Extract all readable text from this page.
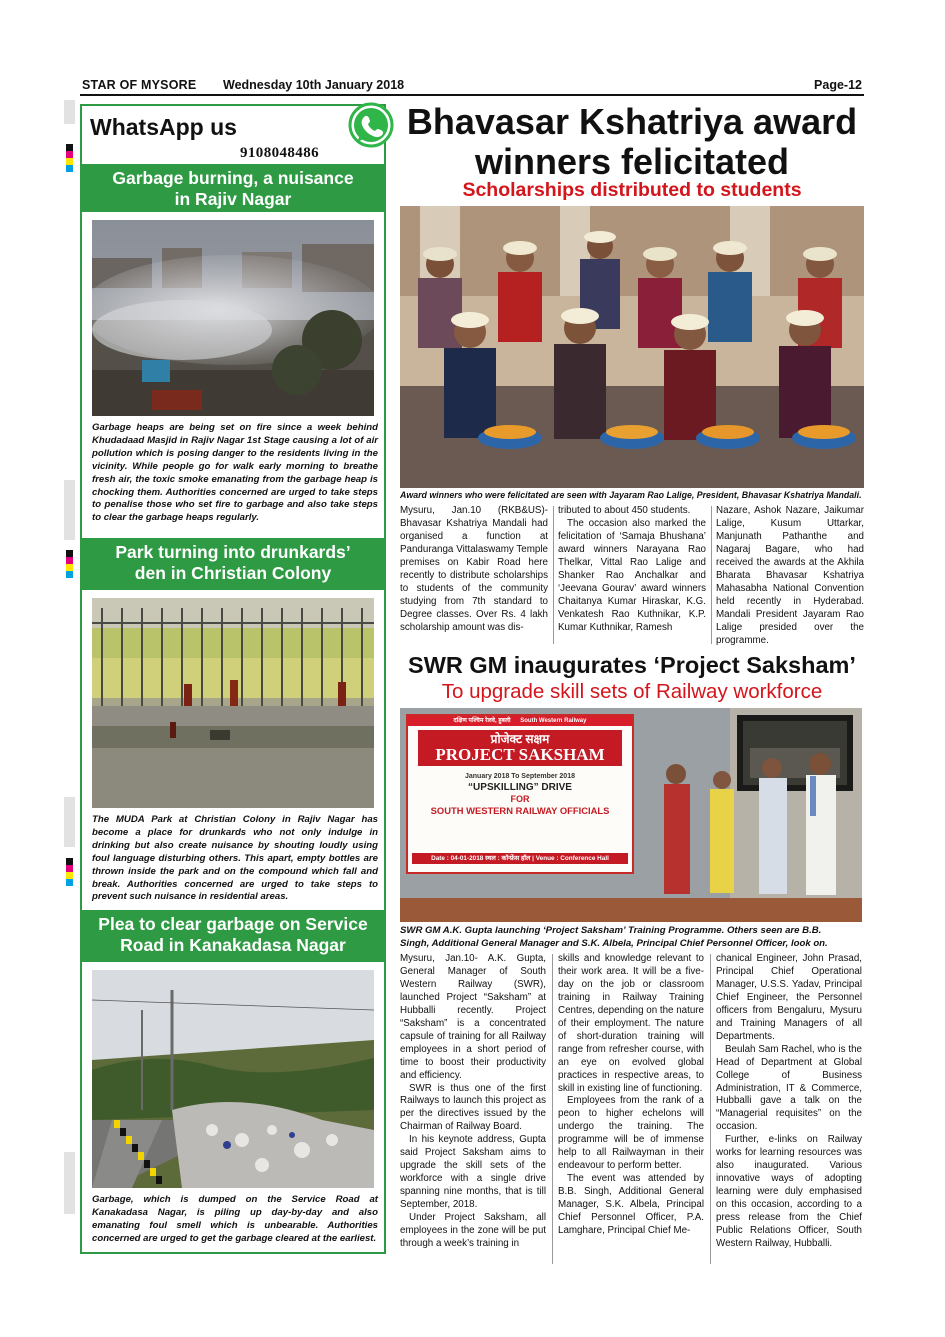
STAR OF MYSORE Wednesday 10th January 2018	Page-12
WhatsApp us
9108048486
Garbage burning, a nuisance
in Rajiv Nagar
Garbage heaps are being set on fire since a week behind Khudadaad Masjid in Rajiv Nagar 1st Stage causing a lot of air pollution which is posing danger to the residents living in the vicinity. While people go for walk early morning to breathe fresh air, the toxic smoke emanating from the garbage heap is chocking them. Authorities concerned are urged to take steps to penalise those who set fire to garbage and also take steps to clear the garbage heaps regularly.
Park turning into drunkards’
den in Christian Colony
The MUDA Park at Christian Colony in Rajiv Nagar has become a place for drunkards who not only indulge in drinking but also create nuisance by shouting loudly using foul language disturbing others. This apart, empty bottles are thrown inside the park and on the compound which fall and break. Authorities concerned are urged to take steps to prevent such nuisance in residential areas.
Plea to clear garbage on Service
Road in Kanakadasa Nagar
Garbage, which is dumped on the Service Road at Kanakadasa Nagar, is piling up day-by-day and also emanating foul smell which is unbearable. Authorities concerned are urged to get the garbage cleared at the earliest.
Bhavasar Kshatriya award
winners felicitated
Scholarships distributed to students
Award winners who were felicitated are seen with Jayaram Rao Lalige, President, Bhavasar Kshatriya Mandali.

Mysuru, Jan.10 (RKB&US)- Bhavasar Kshatriya Mandali had organised a function at Panduranga Vittalaswamy Temple premises on Kabir Road here recently to distribute scholarships to students of the community studying from 7th standard to Degree classes. Over Rs. 4 lakh scholarship amount was dis-

tributed to about 450 students.

The occasion also marked the felicitation of ‘Samaja Bhushana’ award winners Narayana Rao Thelkar, Vittal Rao Lalige and Shanker Rao Anchalkar and ‘Jeevana Gourav’ award winners Chaitanya Kumar Hiraskar, K.G. Venkatesh Rao Kuthnikar, K.P. Kumar Kuthnikar, Ramesh

Nazare, Ashok Nazare, Jaikumar Lalige, Kusum Uttarkar, Manjunath Pathanthe and Nagaraj Bagare, who had received the awards at the Akhila Bharata Bhavasar Kshatriya Mahasabha National Convention held recently in Hyderabad. Mandali President Jayaram Rao Lalige presided over the programme.

SWR GM inaugurates ‘Project Saksham’
To upgrade skill sets of Railway workforce
दक्षिण पश्चिम रेलवे, हुबली South Western Railway
प्रोजेक्ट सक्षम
PROJECT SAKSHAM
January 2018 To September 2018
“UPSKILLING” DRIVE
FOR
SOUTH WESTERN RAILWAY OFFICIALS
Date : 04-01-2018 स्थल : कॉन्फ्रेंस हॉल | Venue : Conference Hall
SWR GM A.K. Gupta launching ‘Project Saksham’ Training Programme. Others seen are B.B.
Singh, Additional General Manager and S.K. Albela, Principal Chief Personnel Officer, look on.

Mysuru, Jan.10- A.K. Gupta, General Manager of South Western Railway (SWR), launched Project “Saksham” at Hubballi recently. Project “Saksham” is a concentrated capsule of training for all Railway employees in a short period of time to boost their productivity and efficiency.

SWR is thus one of the first Railways to launch this project as per the directives issued by the Chairman of Railway Board.

In his keynote address, Gupta said Project Saksham aims to upgrade the skill sets of the workforce with a single drive spanning nine months, that is till September, 2018.

Under Project Saksham, all employees in the zone will be put through a week’s training in

skills and knowledge relevant to their work area. It will be a five-day on the job or classroom training in Railway Training Centres, depending on the nature of their employment. The nature of short-duration training will range from refresher course, with an eye on evolved global practices in respective areas, to skill in existing line of functioning.

Employees from the rank of a peon to higher echelons will undergo the training. The programme will be of immense help to all Railwayman in their endeavour to perform better.

The event was attended by B.B. Singh, Additional General Manager, S.K. Albela, Principal Chief Personnel Officer, P.A. Lamghare, Principal Chief Me-

chanical Engineer, John Prasad, Principal Chief Operational Manager, U.S.S. Yadav, Principal Chief Engineer, the Personnel officers from Bengaluru, Mysuru and Training Managers of all Departments.

Beulah Sam Rachel, who is the Head of Department at Global College of Business Administration, IT & Commerce, Hubballi gave a talk on the “Managerial requisites” on the occasion.

Further, e-links on Railway works for learning resources was also inaugurated. Various innovative ways of adopting learning were duly emphasised on this occasion, according to a press release from the Chief Public Relations Officer, South Western Railway, Hubballi.
